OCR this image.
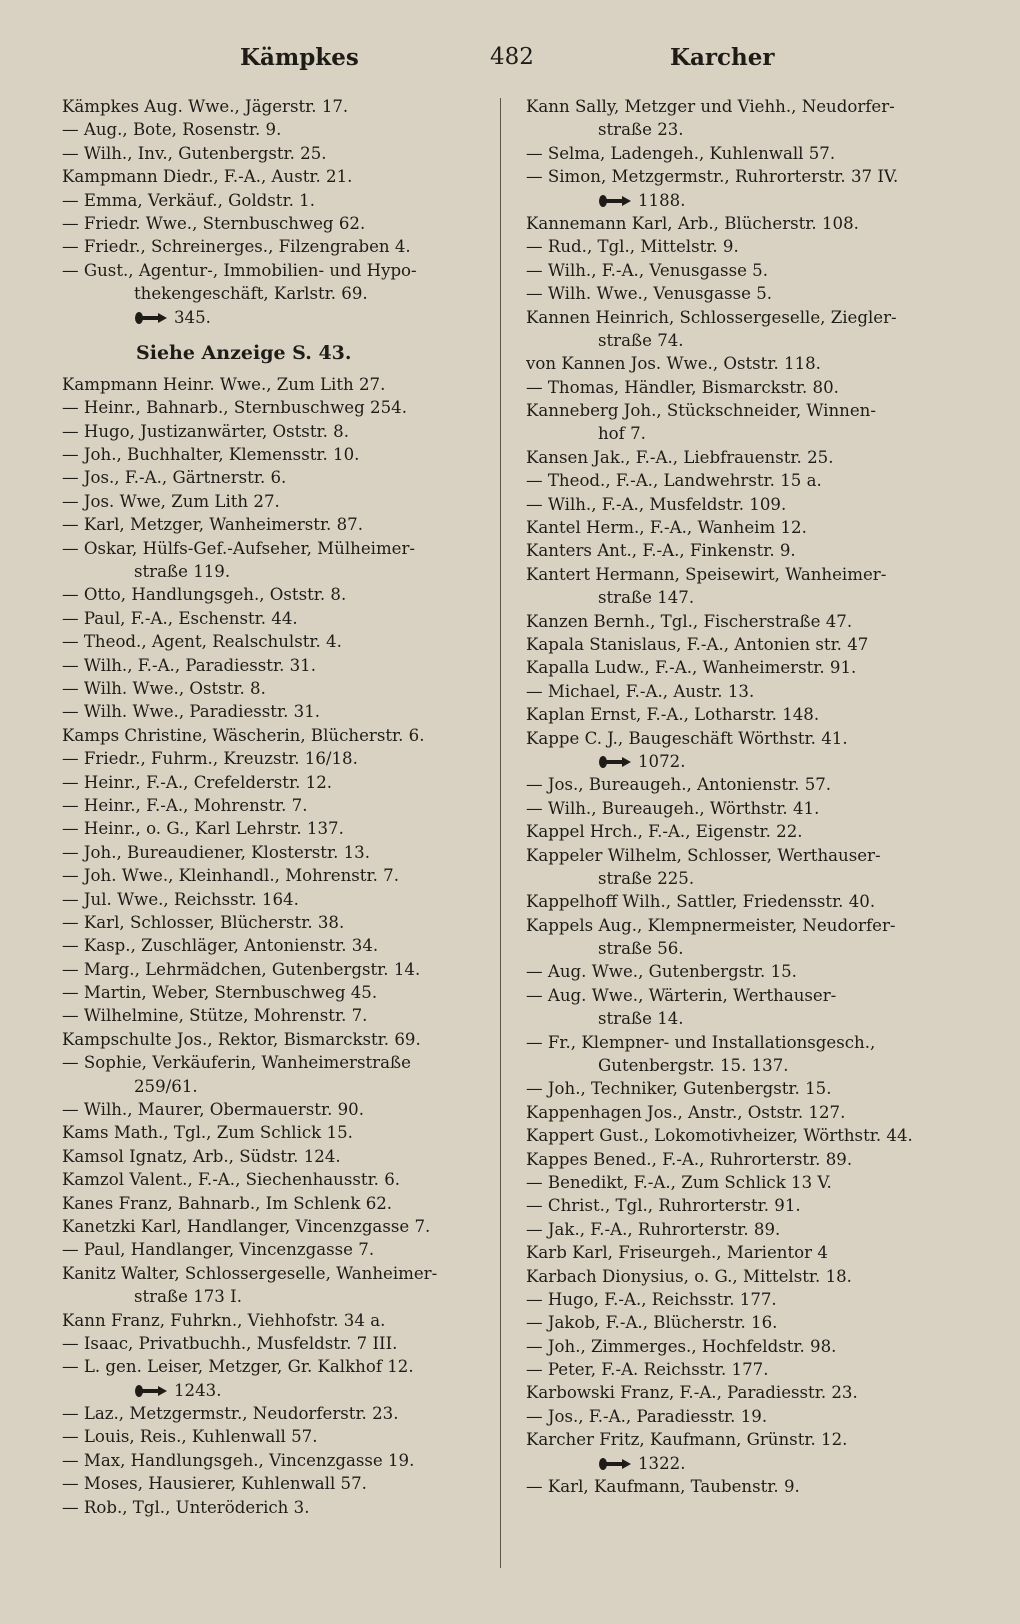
Kämpkes	482	Karcher
Kämpkes Aug. Wwe., Jägerstr. 17.
— Aug., Bote, Rosenstr. 9.
— Wilh., Inv., Gutenbergstr. 25.
Kampmann Diedr., F.-A., Austr. 21.
— Emma, Verkäuf., Goldstr. 1.
— Friedr. Wwe., Sternbuschweg 62.
— Friedr., Schreinerges., Filzengraben 4.
— Gust., Agentur-, Immobilien- und Hypo-
thekengeschäft, Karlstr. 69.
345.
Siehe Anzeige S. 43.
Kampmann Heinr. Wwe., Zum Lith 27.
— Heinr., Bahnarb., Sternbuschweg 254.
— Hugo, Justizanwärter, Oststr. 8.
— Joh., Buchhalter, Klemensstr. 10.
— Jos., F.-A., Gärtnerstr. 6.
— Jos. Wwe, Zum Lith 27.
— Karl, Metzger, Wanheimerstr. 87.
— Oskar, Hülfs-Gef.-Aufseher, Mülheimer-
straße 119.
— Otto, Handlungsgeh., Oststr. 8.
— Paul, F.-A., Eschenstr. 44.
— Theod., Agent, Realschulstr. 4.
— Wilh., F.-A., Paradiesstr. 31.
— Wilh. Wwe., Oststr. 8.
— Wilh. Wwe., Paradiesstr. 31.
Kamps Christine, Wäscherin, Blücherstr. 6.
— Friedr., Fuhrm., Kreuzstr. 16/18.
— Heinr., F.-A., Crefelderstr. 12.
— Heinr., F.-A., Mohrenstr. 7.
— Heinr., o. G., Karl Lehrstr. 137.
— Joh., Bureaudiener, Klosterstr. 13.
— Joh. Wwe., Kleinhandl., Mohrenstr. 7.
— Jul. Wwe., Reichsstr. 164.
— Karl, Schlosser, Blücherstr. 38.
— Kasp., Zuschläger, Antonienstr. 34.
— Marg., Lehrmädchen, Gutenbergstr. 14.
— Martin, Weber, Sternbuschweg 45.
— Wilhelmine, Stütze, Mohrenstr. 7.
Kampschulte Jos., Rektor, Bismarckstr. 69.
— Sophie, Verkäuferin, Wanheimerstraße
259/61.
— Wilh., Maurer, Obermauerstr. 90.
Kams Math., Tgl., Zum Schlick 15.
Kamsol Ignatz, Arb., Südstr. 124.
Kamzol Valent., F.-A., Siechenhausstr. 6.
Kanes Franz, Bahnarb., Im Schlenk 62.
Kanetzki Karl, Handlanger, Vincenzgasse 7.
— Paul, Handlanger, Vincenzgasse 7.
Kanitz Walter, Schlossergeselle, Wanheimer-
straße 173 I.
Kann Franz, Fuhrkn., Viehhofstr. 34 a.
— Isaac, Privatbuchh., Musfeldstr. 7 III.
— L. gen. Leiser, Metzger, Gr. Kalkhof 12.
1243.
— Laz., Metzgermstr., Neudorferstr. 23.
— Louis, Reis., Kuhlenwall 57.
— Max, Handlungsgeh., Vincenzgasse 19.
— Moses, Hausierer, Kuhlenwall 57.
— Rob., Tgl., Unteröderich 3.
Kann Sally, Metzger und Viehh., Neudorfer-
straße 23.
— Selma, Ladengeh., Kuhlenwall 57.
— Simon, Metzgermstr., Ruhrorterstr. 37 IV.
1188.
Kannemann Karl, Arb., Blücherstr. 108.
— Rud., Tgl., Mittelstr. 9.
— Wilh., F.-A., Venusgasse 5.
— Wilh. Wwe., Venusgasse 5.
Kannen Heinrich, Schlossergeselle, Ziegler-
straße 74.
von Kannen Jos. Wwe., Oststr. 118.
— Thomas, Händler, Bismarckstr. 80.
Kanneberg Joh., Stückschneider, Winnen-
hof 7.
Kansen Jak., F.-A., Liebfrauenstr. 25.
— Theod., F.-A., Landwehrstr. 15 a.
— Wilh., F.-A., Musfeldstr. 109.
Kantel Herm., F.-A., Wanheim 12.
Kanters Ant., F.-A., Finkenstr. 9.
Kantert Hermann, Speisewirt, Wanheimer-
straße 147.
Kanzen Bernh., Tgl., Fischerstraße 47.
Kapala Stanislaus, F.-A., Antonien str. 47
Kapalla Ludw., F.-A., Wanheimerstr. 91.
— Michael, F.-A., Austr. 13.
Kaplan Ernst, F.-A., Lotharstr. 148.
Kappe C. J., Baugeschäft Wörthstr. 41.
1072.
— Jos., Bureaugeh., Antonienstr. 57.
— Wilh., Bureaugeh., Wörthstr. 41.
Kappel Hrch., F.-A., Eigenstr. 22.
Kappeler Wilhelm, Schlosser, Werthauser-
straße 225.
Kappelhoff Wilh., Sattler, Friedensstr. 40.
Kappels Aug., Klempnermeister, Neudorfer-
straße 56.
— Aug. Wwe., Gutenbergstr. 15.
— Aug. Wwe., Wärterin, Werthauser-
straße 14.
— Fr., Klempner- und Installationsgesch.,
Gutenbergstr. 15. 137.
— Joh., Techniker, Gutenbergstr. 15.
Kappenhagen Jos., Anstr., Oststr. 127.
Kappert Gust., Lokomotivheizer, Wörthstr. 44.
Kappes Bened., F.-A., Ruhrorterstr. 89.
— Benedikt, F.-A., Zum Schlick 13 V.
— Christ., Tgl., Ruhrorterstr. 91.
— Jak., F.-A., Ruhrorterstr. 89.
Karb Karl, Friseurgeh., Marientor 4
Karbach Dionysius, o. G., Mittelstr. 18.
— Hugo, F.-A., Reichsstr. 177.
— Jakob, F.-A., Blücherstr. 16.
— Joh., Zimmerges., Hochfeldstr. 98.
— Peter, F.-A. Reichsstr. 177.
Karbowski Franz, F.-A., Paradiesstr. 23.
— Jos., F.-A., Paradiesstr. 19.
Karcher Fritz, Kaufmann, Grünstr. 12.
1322.
— Karl, Kaufmann, Taubenstr. 9.
